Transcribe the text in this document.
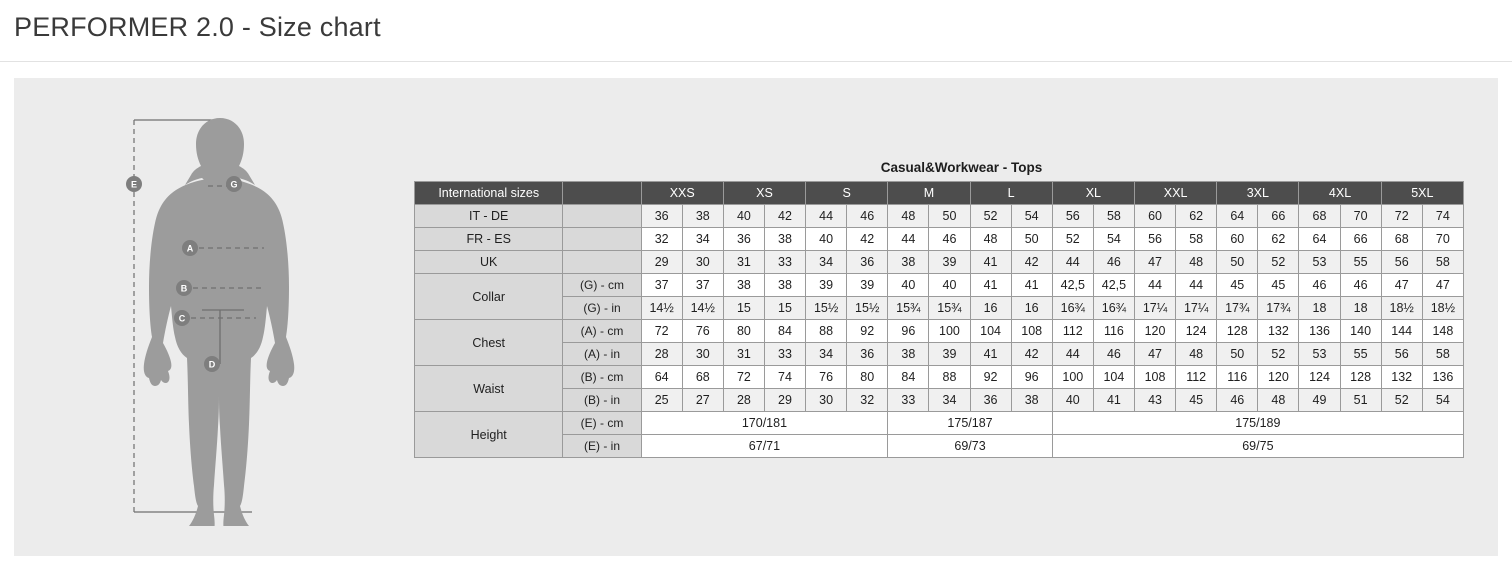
PERFORMER 2.0 - Size chart
E	G
A
B
C
D
Casual&Workwear - Tops
International sizes		XXS		XS		S		M		L		XL		XXL		3XL		4XL		5XL	
IT - DE		36	38	40	42	44	46	48	50	52	54	56	58	60	62	64	66	68	70	72	74
FR - ES		32	34	36	38	40	42	44	46	48	50	52	54	56	58	60	62	64	66	68	70
UK		29	30	31	33	34	36	38	39	41	42	44	46	47	48	50	52	53	55	56	58
Collar	(G) - cm	37	37	38	38	39	39	40	40	41	41	42,5	42,5	44	44	45	45	46	46	47	47
	(G) - in	14½	14½	15	15	15½	15½	15¾	15¾	16	16	16¾	16¾	17¼	17¼	17¾	17¾	18	18	18½	18½
Chest	(A) - cm	72	76	80	84	88	92	96	100	104	108	112	116	120	124	128	132	136	140	144	148
	(A) - in	28	30	31	33	34	36	38	39	41	42	44	46	47	48	50	52	53	55	56	58
Waist	(B) - cm	64	68	72	74	76	80	84	88	92	96	100	104	108	112	116	120	124	128	132	136
	(B) - in	25	27	28	29	30	32	33	34	36	38	40	41	43	45	46	48	49	51	52	54
Height	(E) - cm	170/181						175/187				175/189									
	(E) - in	67/71						69/73				69/75									
